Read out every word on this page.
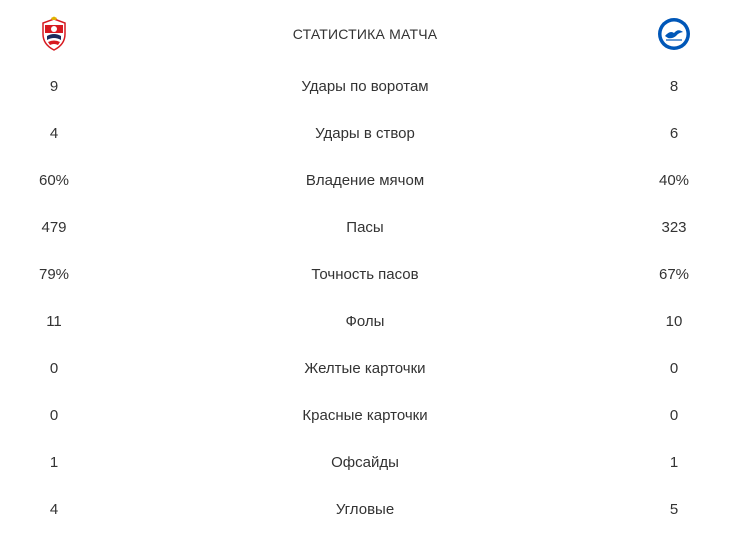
СТАТИСТИКА МАТЧА
9	Удары по воротам	8
4	Удары в створ	6
60%	Владение мячом	40%
479	Пасы	323
79%	Точность пасов	67%
11	Фолы	10
0	Желтые карточки	0
0	Красные карточки	0
1	Офсайды	1
4	Угловые	5
